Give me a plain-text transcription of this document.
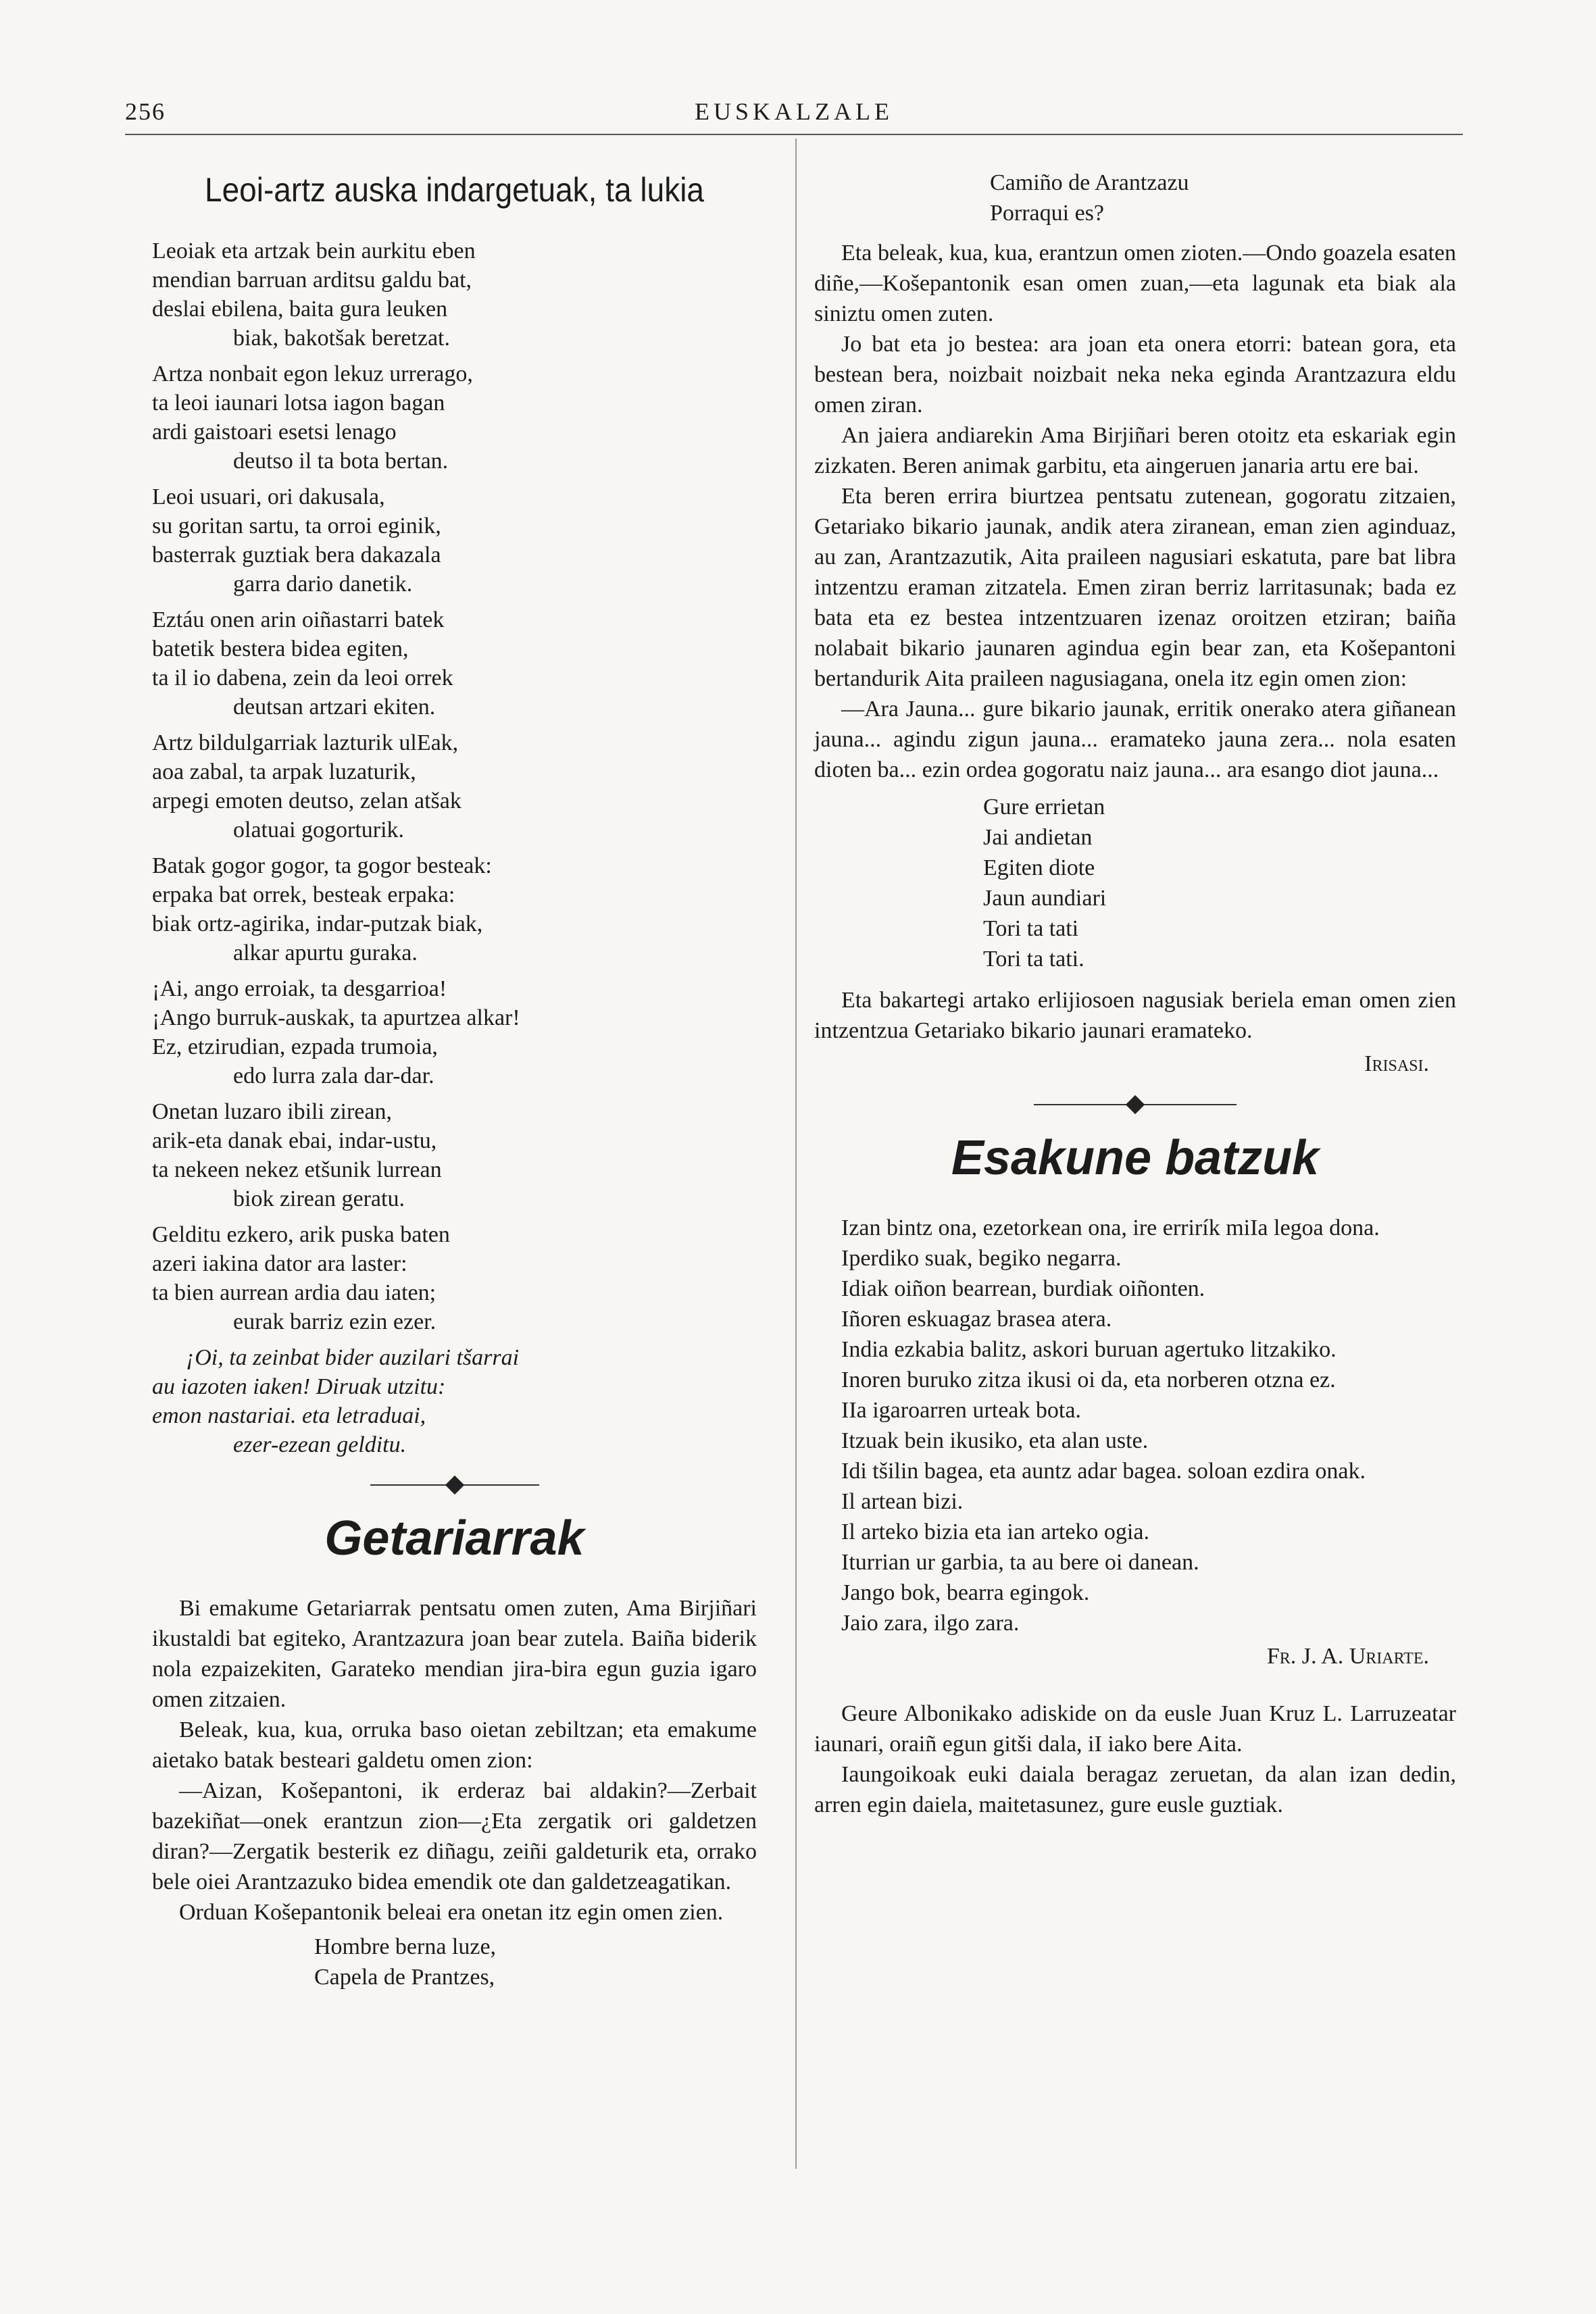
256	EUSKALZALE
Leoi-artz auska indargetuak, ta lukia
Leoiak eta artzak bein aurkitu eben
mendian barruan arditsu galdu bat,
deslai ebilena, baita gura leuken
biak, bakotšak beretzat.
Artza nonbait egon lekuz urrerago,
ta leoi iaunari lotsa iagon bagan
ardi gaistoari esetsi lenago
deutso il ta bota bertan.
Leoi usuari, ori dakusala,
su goritan sartu, ta orroi eginik,
basterrak guztiak bera dakazala
garra dario danetik.
Eztáu onen arin oiñastarri batek
batetik bestera bidea egiten,
ta il io dabena, zein da leoi orrek
deutsan artzari ekiten.
Artz bildulgarriak lazturik ulEak,
aoa zabal, ta arpak luzaturik,
arpegi emoten deutso, zelan atšak
olatuai gogorturik.
Batak gogor gogor, ta gogor besteak:
erpaka bat orrek, besteak erpaka:
biak ortz-agirika, indar-putzak biak,
alkar apurtu guraka.
¡Ai, ango erroiak, ta desgarrioa!
¡Ango burruk-auskak, ta apurtzea alkar!
Ez, etzirudian, ezpada trumoia,
edo lurra zala dar-dar.
Onetan luzaro ibili zirean,
arik-eta danak ebai, indar-ustu,
ta nekeen nekez etšunik lurrean
biok zirean geratu.
Gelditu ezkero, arik puska baten
azeri iakina dator ara laster:
ta bien aurrean ardia dau iaten;
eurak barriz ezin ezer.
¡Oi, ta zeinbat bider auzilari tšarrai
au iazoten iaken! Diruak utzitu:
emon nastariai. eta letraduai,
ezer-ezean gelditu.
Getariarrak

Bi emakume Getariarrak pentsatu omen zuten, Ama Birjiñari ikustaldi bat egiteko, Arantzazura joan bear zutela. Baiña biderik nola ezpaizekiten, Garateko mendian jira-bira egun guzia igaro omen zitzaien.

Beleak, kua, kua, orruka baso oietan zebiltzan; eta emakume aietako batak besteari galdetu omen zion:

—Aizan, Košepantoni, ik erderaz bai aldakin?—Zerbait bazekiñat—onek erantzun zion—¿Eta zergatik ori galdetzen diran?—Zergatik besterik ez diñagu, zeiñi galdeturik eta, orrako bele oiei Arantzazuko bidea emendik ote dan galdetzeagatikan.

Orduan Košepantonik beleai era onetan itz egin omen zien.

Hombre berna luze,
Capela de Prantzes,
Camiño de Arantzazu
Porraqui es?

Eta beleak, kua, kua, erantzun omen zioten.—Ondo goazela esaten diñe,—Košepantonik esan omen zuan,—eta lagunak eta biak ala siniztu omen zuten.

Jo bat eta jo bestea: ara joan eta onera etorri: batean gora, eta bestean bera, noizbait noizbait neka neka eginda Arantzazura eldu omen ziran.

An jaiera andiarekin Ama Birjiñari beren otoitz eta eskariak egin zizkaten. Beren animak garbitu, eta aingeruen janaria artu ere bai.

Eta beren errira biurtzea pentsatu zutenean, gogoratu zitzaien, Getariako bikario jaunak, andik atera ziranean, eman zien aginduaz, au zan, Arantzazutik, Aita praileen nagusiari eskatuta, pare bat libra intzentzu eraman zitzatela. Emen ziran berriz larritasunak; bada ez bata eta ez bestea intzentzuaren izenaz oroitzen etziran; baiña nolabait bikario jaunaren agindua egin bear zan, eta Košepantoni bertandurik Aita praileen nagusiagana, onela itz egin omen zion:

—Ara Jauna... gure bikario jaunak, erritik onerako atera giñanean jauna... agindu zigun jauna... eramateko jauna zera... nola esaten dioten ba... ezin ordea gogoratu naiz jauna... ara esango diot jauna...

Gure errietan
Jai andietan
Egiten diote
Jaun aundiari
Tori ta tati
Tori ta tati.

Eta bakartegi artako erlijiosoen nagusiak beriela eman omen zien intzentzua Getariako bikario jaunari eramateko.

Irisasi.
Esakune batzuk

Izan bintz ona, ezetorkean ona, ire errirík miIa legoa dona.

Iperdiko suak, begiko negarra.

Idiak oiñon bearrean, burdiak oiñonten.

Iñoren eskuagaz brasea atera.

India ezkabia balitz, askori buruan agertuko litzakiko.

Inoren buruko zitza ikusi oi da, eta norberen otzna ez.

IIa igaroarren urteak bota.

Itzuak bein ikusiko, eta alan uste.

Idi tšilin bagea, eta auntz adar bagea. soloan ezdira onak.

Il artean bizi.

Il arteko bizia eta ian arteko ogia.

Iturrian ur garbia, ta au bere oi danean.

Jango bok, bearra egingok.

Jaio zara, ilgo zara.

Fr. J. A. Uriarte.

Geure Albonikako adiskide on da eusle Juan Kruz L. Larruzeatar iaunari, oraiñ egun gitši dala, iI iako bere Aita.

Iaungoikoak euki daiala beragaz zeruetan, da alan izan dedin, arren egin daiela, maitetasunez, gure eusle guztiak.
